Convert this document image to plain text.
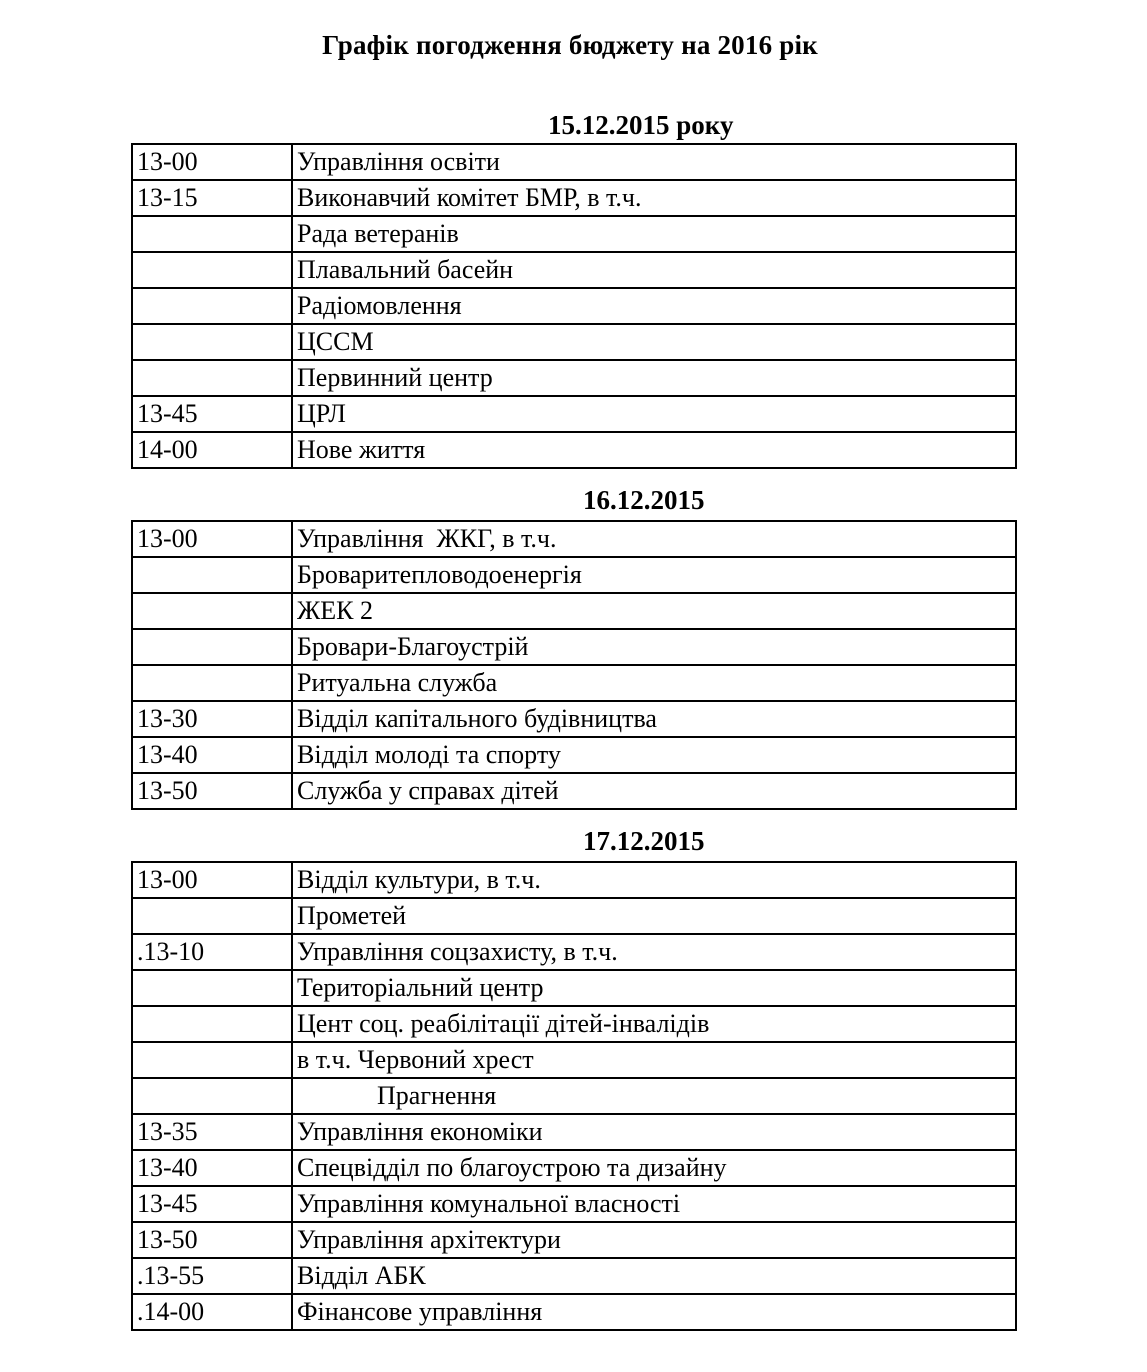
Графік погодження бюджету на 2016 рік
15.12.2015 року
13-00	Управління освіти
13-15	Виконавчий комітет БМР, в т.ч.
	Рада ветеранів
	Плавальний басейн
	Радіомовлення
	ЦССМ
	Первинний центр
13-45	ЦРЛ
14-00	Нове життя
16.12.2015
13-00	Управління  ЖКГ, в т.ч.
	Броваритепловодоенергія
	ЖЕК 2
	Бровари-Благоустрій
	Ритуальна служба
13-30	Відділ капітального будівництва
13-40	Відділ молоді та спорту
13-50	Служба у справах дітей
17.12.2015
13-00	Відділ культури, в т.ч.
	Прометей
.13-10	Управління соцзахисту, в т.ч.
	Територіальний центр
	Цент соц. реабілітації дітей-інвалідів
	в т.ч. Червоний хрест
	Прагнення
13-35	Управління економіки
13-40	Спецвідділ по благоустрою та дизайну
13-45	Управління комунальної власності
13-50	Управління архітектури
.13-55	Відділ АБК
.14-00	Фінансове управління
